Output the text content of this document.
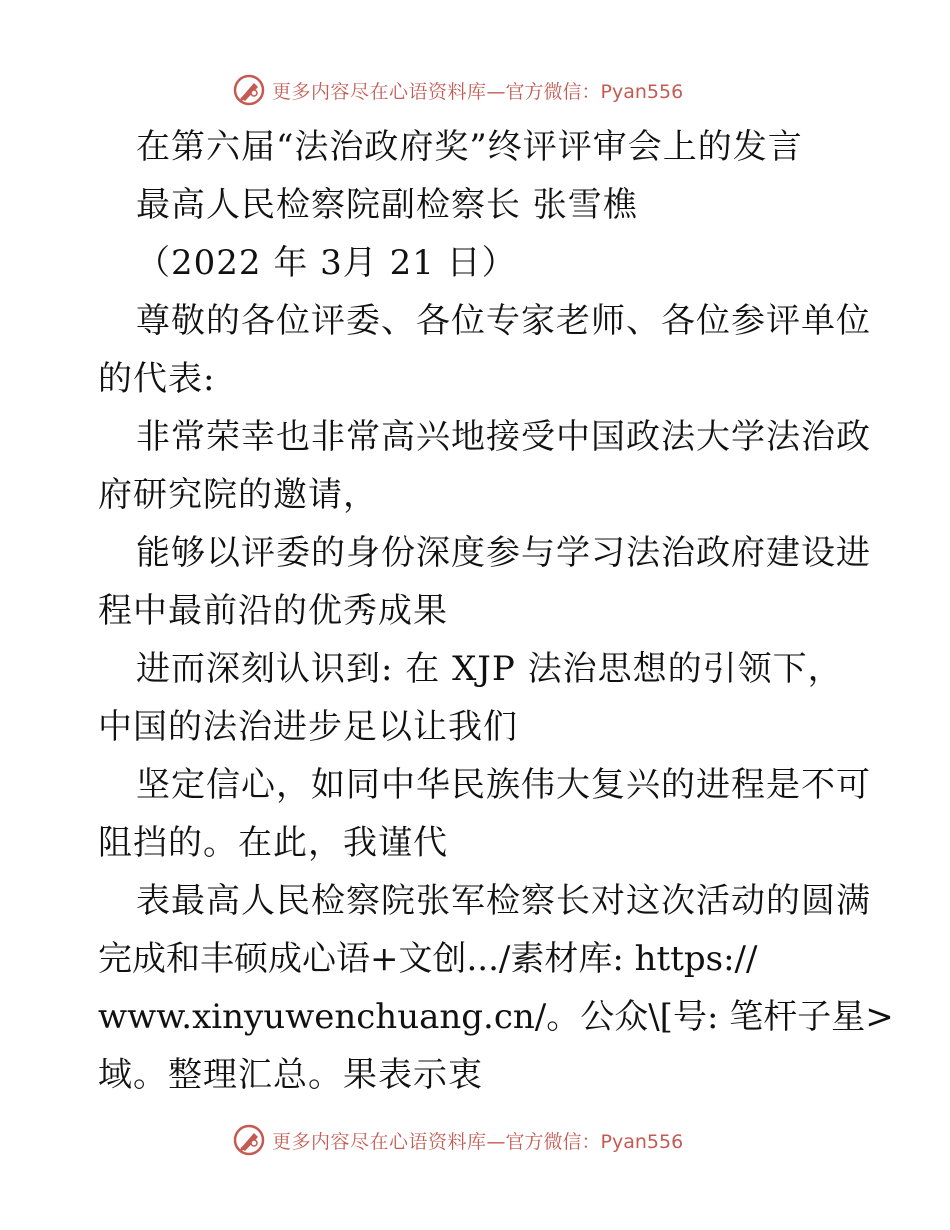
更多内容尽在心语资料库 —官方微信：Pyan556
在第六届“法治政府奖”终评评审会上的发言
最高人民检察院副检察长 张雪樵
（2022 年 3月 21 日）
尊敬的各位评委、各位专家老师、各位参评单位
的代表:
非常荣幸也非常高兴地接受中国政法大学法治政
府研究院的邀请，
能够以评委的身份深度参与学习法治政府建设进
程中最前沿的优秀成果
进而深刻认识到: 在 XJP 法治思想的引领下，
中国的法治进步足以让我们
坚定信心，如同中华民族伟大复兴的进程是不可
阻挡的。在此，我谨代
表最高人民检察院张军检察长对这次活动的圆满
完成和丰硕成心语+文创.../素材库: https://
www.xinyuwenchuang.cn/。公众\[号: 笔杆子星>
域。整理汇总。果表示衷
更多内容尽在心语资料库 —官方微信：Pyan556
